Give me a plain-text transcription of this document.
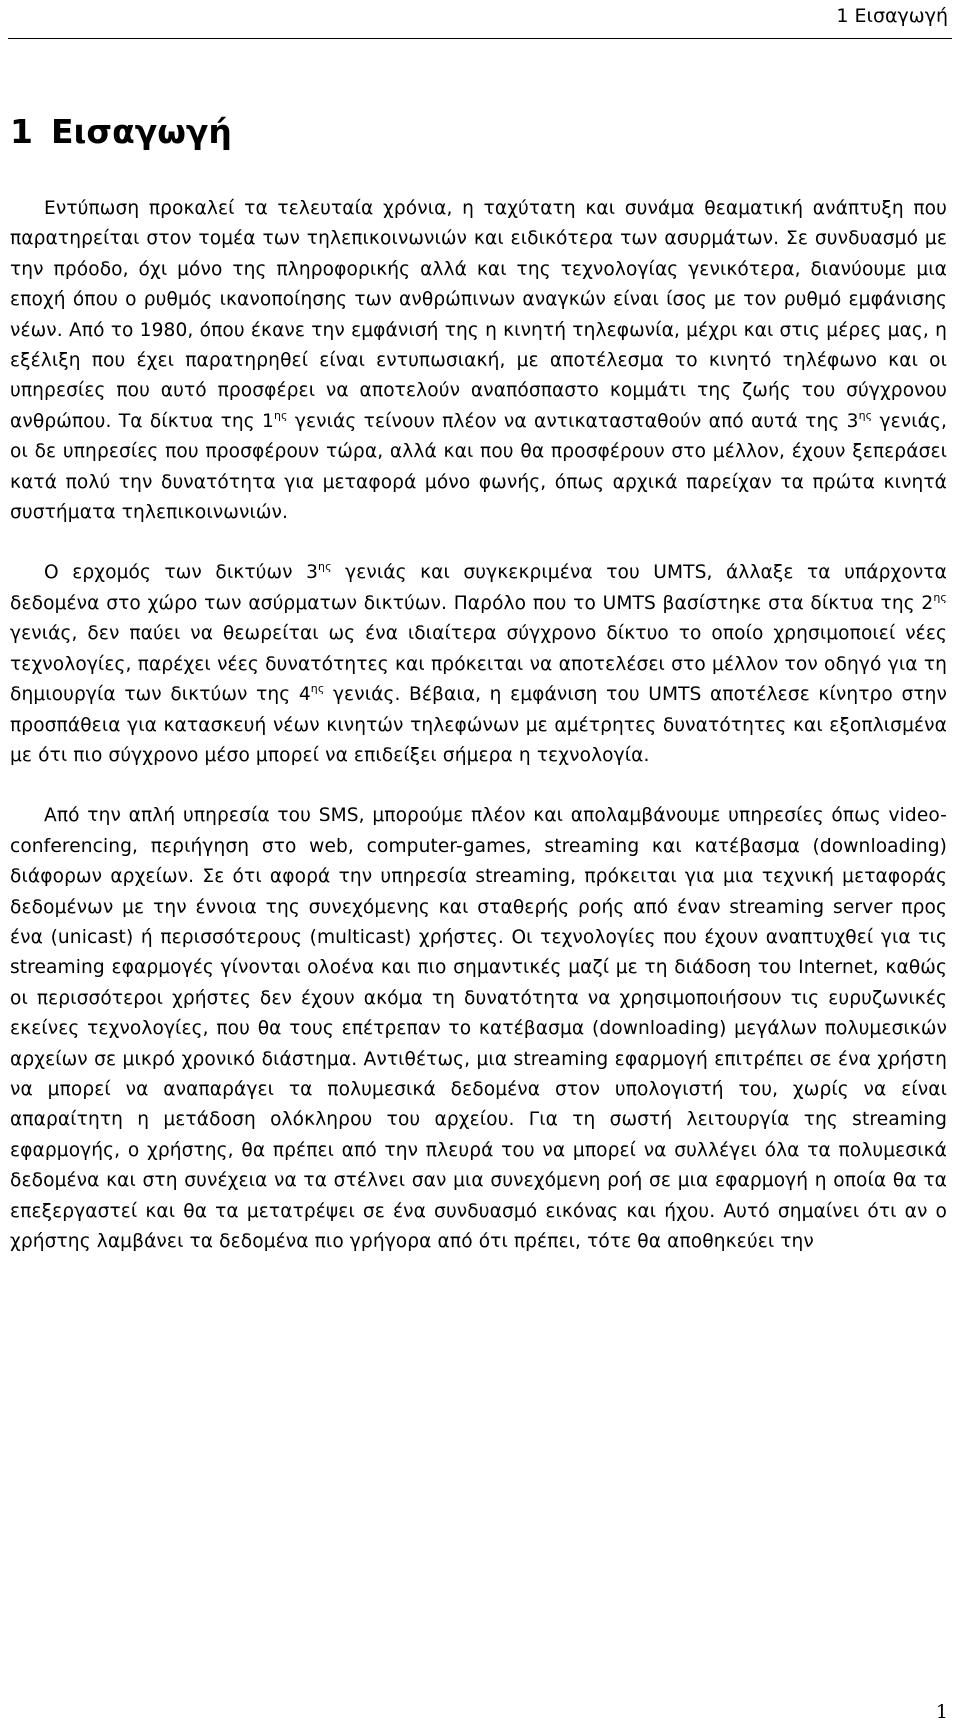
1 Εισαγωγή
1 Εισαγωγή

Εντύπωση προκαλεί τα τελευταία χρόνια, η ταχύτατη και συνάμα θεαματική ανάπτυξη που παρατηρείται στον τομέα των τηλεπικοινωνιών και ειδικότερα των ασυρμάτων. Σε συνδυασμό με την πρόοδο, όχι μόνο της πληροφορικής αλλά και της τεχνολογίας γενικότερα, διανύουμε μια εποχή όπου ο ρυθμός ικανοποίησης των ανθρώπινων αναγκών είναι ίσος με τον ρυθμό εμφάνισης νέων. Από το 1980, όπου έκανε την εμφάνισή της η κινητή τηλεφωνία, μέχρι και στις μέρες μας, η εξέλιξη που έχει παρατηρηθεί είναι εντυπωσιακή, με αποτέλεσμα το κινητό τηλέφωνο και οι υπηρεσίες που αυτό προσφέρει να αποτελούν αναπόσπαστο κομμάτι της ζωής του σύγχρονου ανθρώπου. Τα δίκτυα της $1^{\eta\varsigma}$ γενιάς τείνουν πλέον να αντικατασταθούν από αυτά της $3^{\eta\varsigma}$ γενιάς, οι δε υπηρεσίες που προσφέρουν τώρα, αλλά και που θα προσφέρουν στο μέλλον, έχουν ξεπεράσει κατά πολύ την δυνατότητα για μεταφορά μόνο φωνής, όπως αρχικά παρείχαν τα πρώτα κινητά συστήματα τηλεπικοινωνιών.

Ο ερχομός των δικτύων $3^{\eta\varsigma}$ γενιάς και συγκεκριμένα του UMTS, άλλαξε τα υπάρχοντα δεδομένα στο χώρο των ασύρματων δικτύων. Παρόλο που το UMTS βασίστηκε στα δίκτυα της $2^{\eta\varsigma}$ γενιάς, δεν παύει να θεωρείται ως ένα ιδιαίτερα σύγχρονο δίκτυο το οποίο χρησιμοποιεί νέες τεχνολογίες, παρέχει νέες δυνατότητες και πρόκειται να αποτελέσει στο μέλλον τον οδηγό για τη δημιουργία των δικτύων της $4^{\eta\varsigma}$ γενιάς. Βέβαια, η εμφάνιση του UMTS αποτέλεσε κίνητρο στην προσπάθεια για κατασκευή νέων κινητών τηλεφώνων με αμέτρητες δυνατότητες και εξοπλισμένα με ότι πιο σύγχρονο μέσο μπορεί να επιδείξει σήμερα η τεχνολογία.

Από την απλή υπηρεσία του SMS, μπορούμε πλέον και απολαμβάνουμε υπηρεσίες όπως video-conferencing, περιήγηση στο web, computer-games, streaming και κατέβασμα (downloading) διάφορων αρχείων. Σε ότι αφορά την υπηρεσία streaming, πρόκειται για μια τεχνική μεταφοράς δεδομένων με την έννοια της συνεχόμενης και σταθερής ροής από έναν streaming server προς ένα (unicast) ή περισσότερους (multicast) χρήστες. Οι τεχνολογίες που έχουν αναπτυχθεί για τις streaming εφαρμογές γίνονται ολοένα και πιο σημαντικές μαζί με τη διάδοση του Internet, καθώς οι περισσότεροι χρήστες δεν έχουν ακόμα τη δυνατότητα να χρησιμοποιήσουν τις ευρυζωνικές εκείνες τεχνολογίες, που θα τους επέτρεπαν το κατέβασμα (downloading) μεγάλων πολυμεσικών αρχείων σε μικρό χρονικό διάστημα. Αντιθέτως, μια streaming εφαρμογή επιτρέπει σε ένα χρήστη να μπορεί να αναπαράγει τα πολυμεσικά δεδομένα στον υπολογιστή του, χωρίς να είναι απαραίτητη η μετάδοση ολόκληρου του αρχείου. Για τη σωστή λειτουργία της streaming εφαρμογής, ο χρήστης, θα πρέπει από την πλευρά του να μπορεί να συλλέγει όλα τα πολυμεσικά δεδομένα και στη συνέχεια να τα στέλνει σαν μια συνεχόμενη ροή σε μια εφαρμογή η οποία θα τα επεξεργαστεί και θα τα μετατρέψει σε ένα συνδυασμό εικόνας και ήχου. Αυτό σημαίνει ότι αν ο χρήστης λαμβάνει τα δεδομένα πιο γρήγορα από ότι πρέπει, τότε θα αποθηκεύει την

1
